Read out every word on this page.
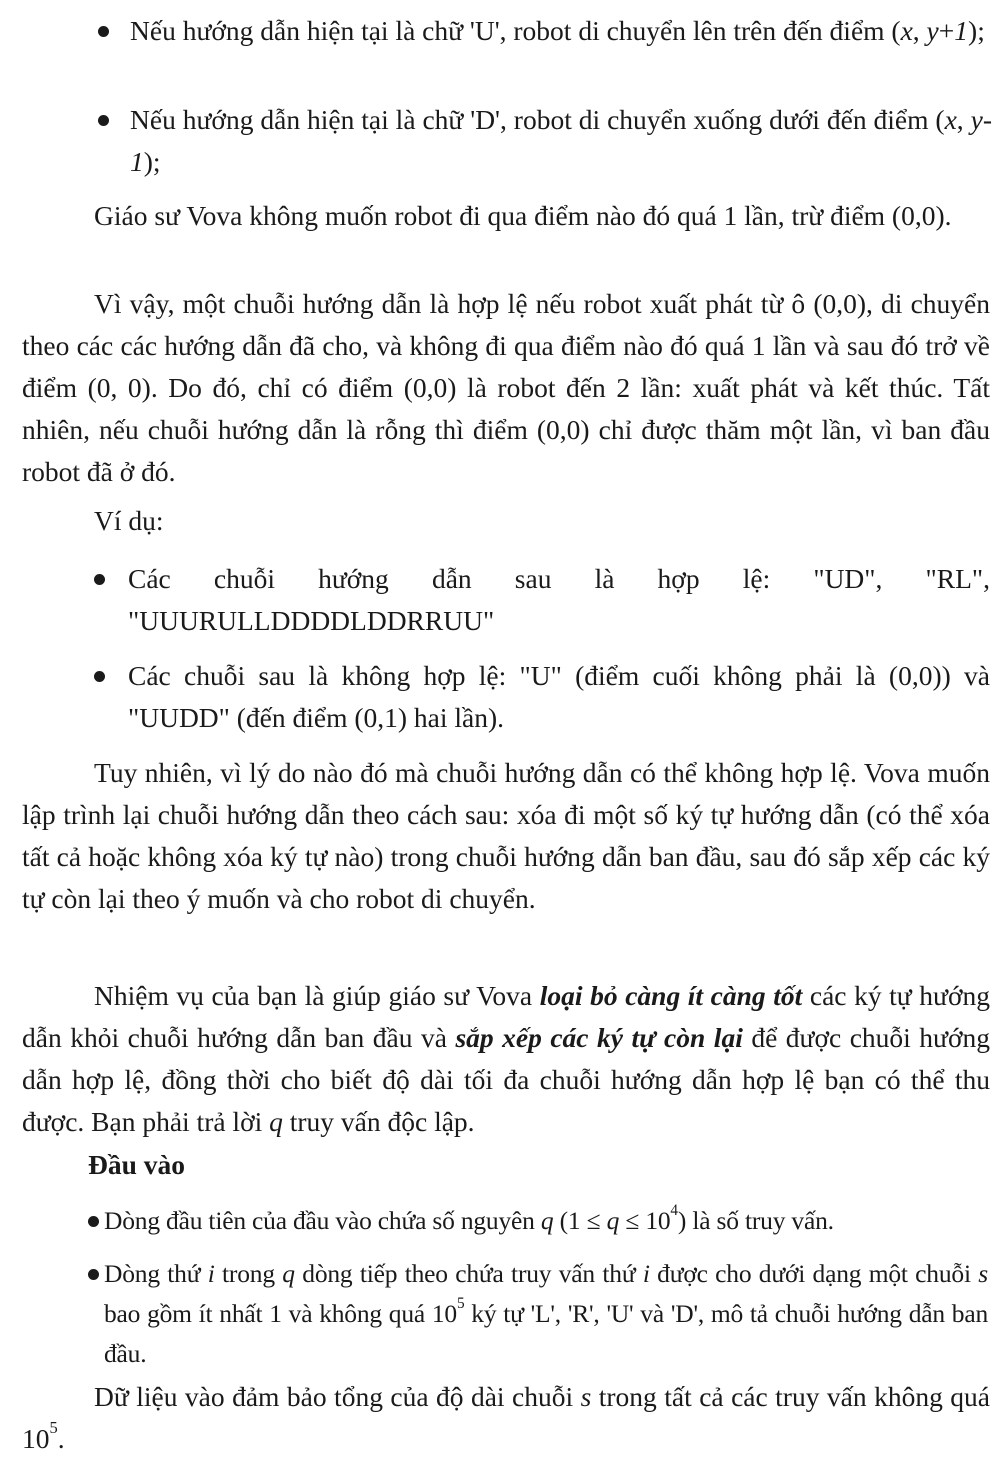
Nếu hướng dẫn hiện tại là chữ 'U', robot di chuyển lên trên đến điểm (x, y+1);

Nếu hướng dẫn hiện tại là chữ 'D', robot di chuyển xuống dưới đến điểm (x, y-1);

Giáo sư Vova không muốn robot đi qua điểm nào đó quá 1 lần, trừ điểm (0,0).

Vì vậy, một chuỗi hướng dẫn là hợp lệ nếu robot xuất phát từ ô (0,0), di chuyển theo các các hướng dẫn đã cho, và không đi qua điểm nào đó quá 1 lần và sau đó trở về điểm (0, 0). Do đó, chỉ có điểm (0,0) là robot đến 2 lần: xuất phát và kết thúc. Tất nhiên, nếu chuỗi hướng dẫn là rỗng thì điểm (0,0) chỉ được thăm một lần, vì ban đầu robot đã ở đó.

Ví dụ:

Các chuỗi hướng dẫn sau là hợp lệ: "UD", "RL", "UUURULLDDDDLDDRRUU"

Các chuỗi sau là không hợp lệ: "U" (điểm cuối không phải là (0,0)) và "UUDD" (đến điểm (0,1) hai lần).

Tuy nhiên, vì lý do nào đó mà chuỗi hướng dẫn có thể không hợp lệ. Vova muốn lập trình lại chuỗi hướng dẫn theo cách sau: xóa đi một số ký tự hướng dẫn (có thể xóa tất cả hoặc không xóa ký tự nào) trong chuỗi hướng dẫn ban đầu, sau đó sắp xếp các ký tự còn lại theo ý muốn và cho robot di chuyển.

Nhiệm vụ của bạn là giúp giáo sư Vova loại bỏ càng ít càng tốt các ký tự hướng dẫn khỏi chuỗi hướng dẫn ban đầu và sắp xếp các ký tự còn lại để được chuỗi hướng dẫn hợp lệ, đồng thời cho biết độ dài tối đa chuỗi hướng dẫn hợp lệ bạn có thể thu được. Bạn phải trả lời q truy vấn độc lập.

Đầu vào

Dòng đầu tiên của đầu vào chứa số nguyên q $(1 \le q \le 10^4)$ là số truy vấn.

Dòng thứ i trong q dòng tiếp theo chứa truy vấn thứ i được cho dưới dạng một chuỗi s bao gồm ít nhất 1 và không quá $10^5$ ký tự 'L', 'R', 'U' và 'D', mô tả chuỗi hướng dẫn ban đầu.

Dữ liệu vào đảm bảo tổng của độ dài chuỗi s trong tất cả các truy vấn không quá $10^5$.
